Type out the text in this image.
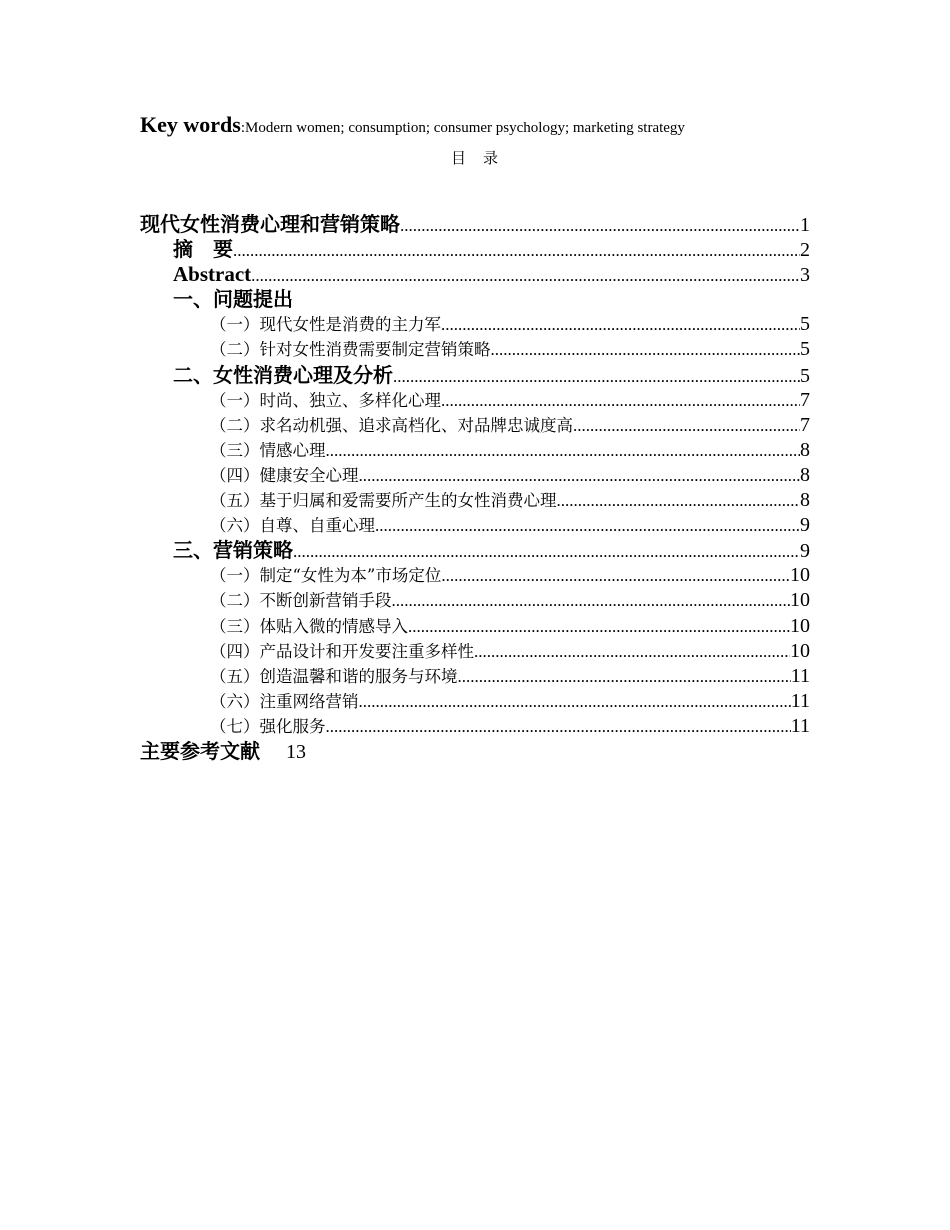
Key words:Modern women; consumption; consumer psychology; marketing strategy
目　录
现代女性消费心理和营销策略 .....	1
摘　要 .....	2
Abstract .....	3
一、问题提出
（一）现代女性是消费的主力军 .....	5
（二）针对女性消费需要制定营销策略 .....	5
二、女性消费心理及分析 .....	5
（一）时尚、独立、多样化心理 .....	7
（二）求名动机强、追求高档化、对品牌忠诚度高 .....	7
（三）情感心理 .....	8
（四）健康安全心理 .....	8
（五）基于归属和爱需要所产生的女性消费心理 .....	8
（六）自尊、自重心理 .....	9
三、营销策略 .....	9
（一）制定“女性为本”市场定位 .....	10
（二）不断创新营销手段 .....	10
（三）体贴入微的情感导入 .....	10
（四）产品设计和开发要注重多样性 .....	10
（五）创造温馨和谐的服务与环境 .....	11
（六）注重网络营销 .....	11
（七）强化服务 .....	11
主要参考文献 13
